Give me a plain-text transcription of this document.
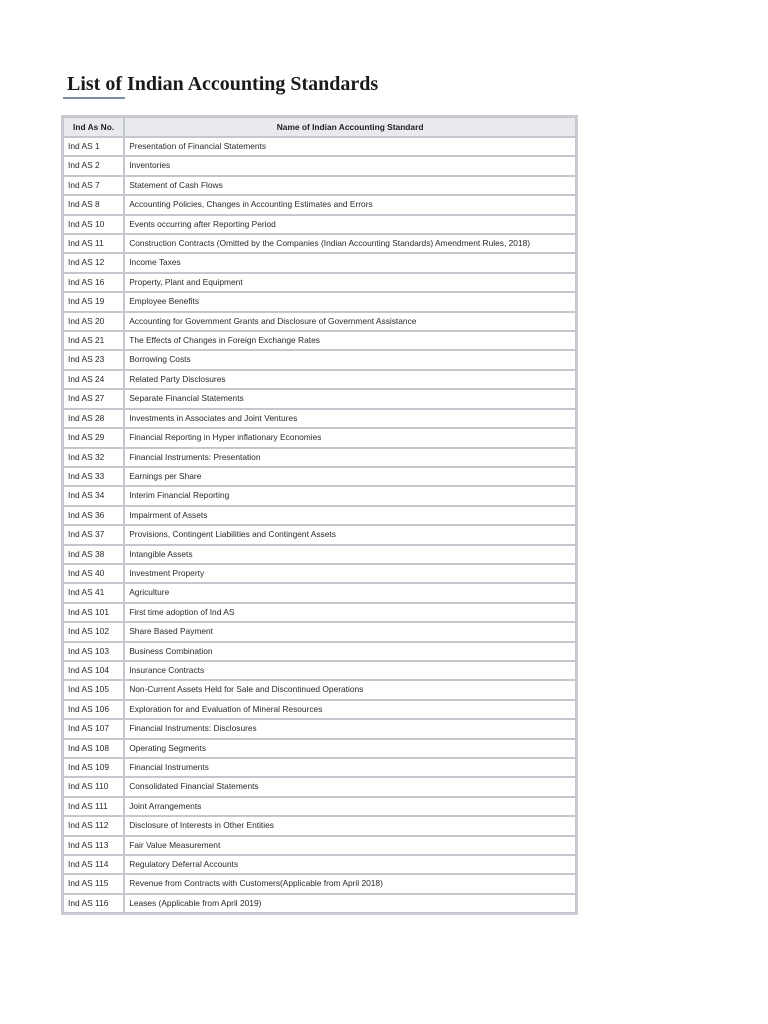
List of Indian Accounting Standards
Ind As No.	Name of Indian Accounting Standard
Ind AS 1	Presentation of Financial Statements
Ind AS 2	Inventories
Ind AS 7	Statement of Cash Flows
Ind AS 8	Accounting Policies, Changes in Accounting Estimates and Errors
Ind AS 10	Events occurring after Reporting Period
Ind AS 11	Construction Contracts (Omitted by the Companies (Indian Accounting Standards) Amendment Rules, 2018)
Ind AS 12	Income Taxes
Ind AS 16	Property, Plant and Equipment
Ind AS 19	Employee Benefits
Ind AS 20	Accounting for Government Grants and Disclosure of Government Assistance
Ind AS 21	The Effects of Changes in Foreign Exchange Rates
Ind AS 23	Borrowing Costs
Ind AS 24	Related Party Disclosures
Ind AS 27	Separate Financial Statements
Ind AS 28	Investments in Associates and Joint Ventures
Ind AS 29	Financial Reporting in Hyper inflationary Economies
Ind AS 32	Financial Instruments: Presentation
Ind AS 33	Earnings per Share
Ind AS 34	Interim Financial Reporting
Ind AS 36	Impairment of Assets
Ind AS 37	Provisions, Contingent Liabilities and Contingent Assets
Ind AS 38	Intangible Assets
Ind AS 40	Investment Property
Ind AS 41	Agriculture
Ind AS 101	First time adoption of Ind AS
Ind AS 102	Share Based Payment
Ind AS 103	Business Combination
Ind AS 104	Insurance Contracts
Ind AS 105	Non-Current Assets Held for Sale and Discontinued Operations
Ind AS 106	Exploration for and Evaluation of Mineral Resources
Ind AS 107	Financial Instruments: Disclosures
Ind AS 108	Operating Segments
Ind AS 109	Financial Instruments
Ind AS 110	Consolidated Financial Statements
Ind AS 111	Joint Arrangements
Ind AS 112	Disclosure of Interests in Other Entities
Ind AS 113	Fair Value Measurement
Ind AS 114	Regulatory Deferral Accounts
Ind AS 115	Revenue from Contracts with Customers(Applicable from April 2018)
Ind AS 116	Leases (Applicable from April 2019)
